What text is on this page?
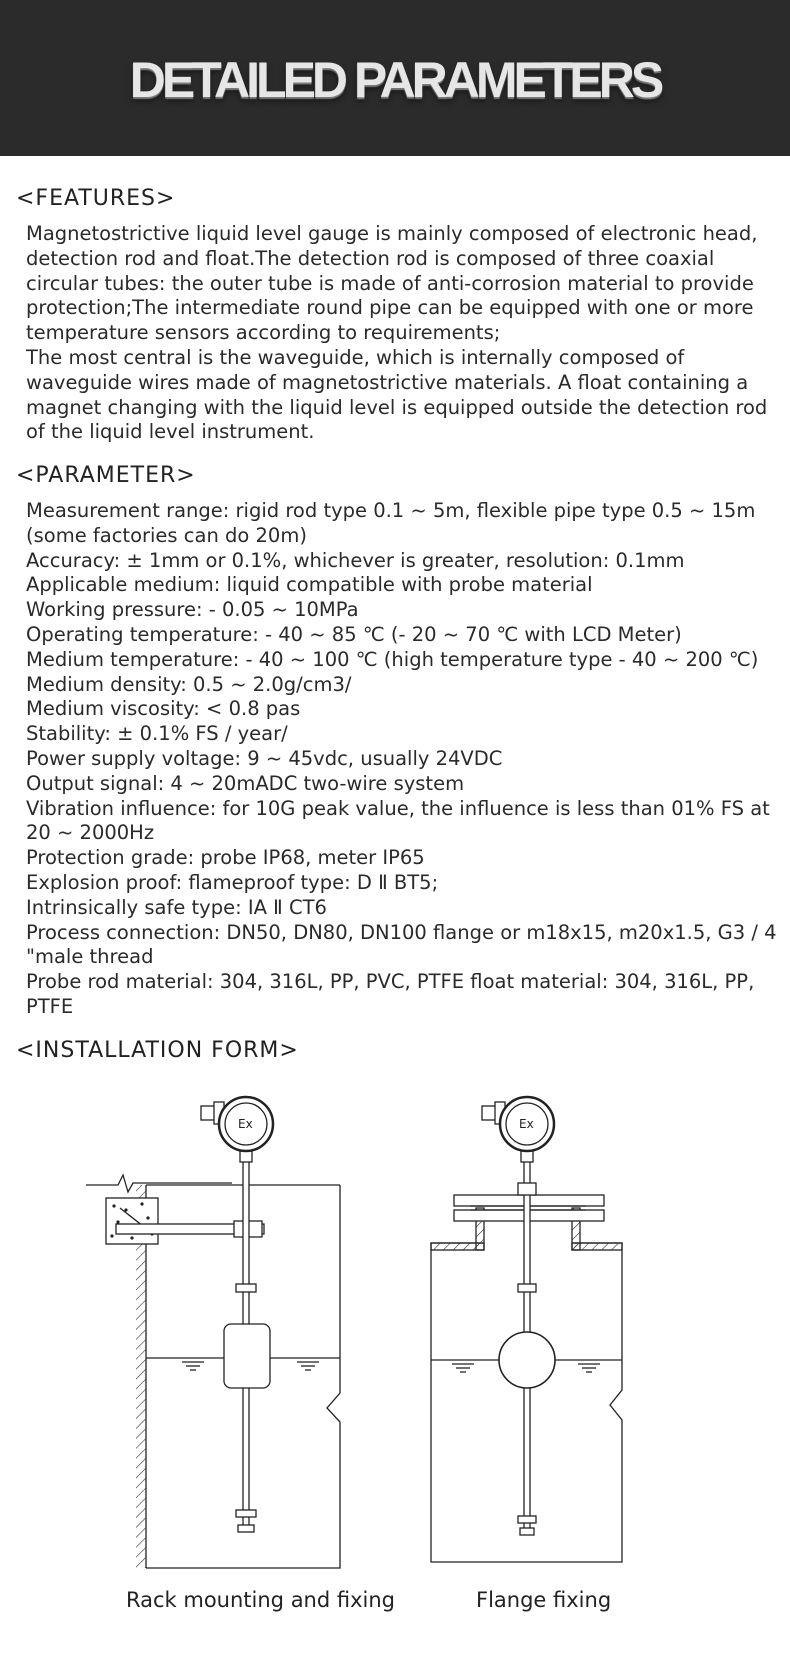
DETAILED PARAMETERS
<FEATURES>

Magnetostrictive liquid level gauge is mainly composed of electronic head, detection rod and float.The detection rod is composed of three coaxial circular tubes: the outer tube is made of anti-corrosion material to provide protection;The intermediate round pipe can be equipped with one or more temperature sensors according to requirements;

The most central is the waveguide, which is internally composed of waveguide wires made of magnetostrictive materials. A float containing a magnet changing with the liquid level is equipped outside the detection rod of the liquid level instrument.

<PARAMETER>
Measurement range: rigid rod type 0.1 ~ 5m, flexible pipe type 0.5 ~ 15m (some factories can do 20m)
Accuracy: ± 1mm or 0.1%, whichever is greater, resolution: 0.1mm
Applicable medium: liquid compatible with probe material
Working pressure: - 0.05 ~ 10MPa
Operating temperature: - 40 ~ 85 ℃ (- 20 ~ 70 ℃ with LCD Meter)
Medium temperature: - 40 ~ 100 ℃ (high temperature type - 40 ~ 200 ℃)
Medium density: 0.5 ~ 2.0g/cm3/
Medium viscosity: < 0.8 pas
Stability: ± 0.1% FS / year/
Power supply voltage: 9 ~ 45vdc, usually 24VDC
Output signal: 4 ~ 20mADC two-wire system
Vibration influence: for 10G peak value, the influence is less than 01% FS at 20 ~ 2000Hz
Protection grade: probe IP68, meter IP65
Explosion proof: flameproof type: D Ⅱ BT5;
Intrinsically safe type: IA Ⅱ CT6
Process connection: DN50, DN80, DN100 flange or m18x15, m20x1.5, G3 / 4 "male thread
Probe rod material: 304, 316L, PP, PVC, PTFE float material: 304, 316L, PP, PTFE
<INSTALLATION FORM>
Ex	Ex
Rack mounting and fixing	Flange fixing
